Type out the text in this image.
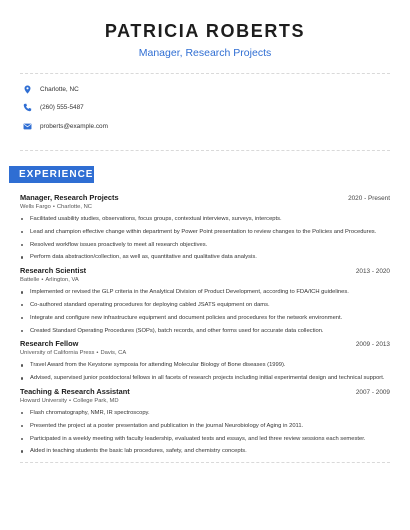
PATRICIA ROBERTS
Manager, Research Projects
Charlotte, NC
(260) 555-5487
proberts@example.com
EXPERIENCE
Manager, Research Projects	2020 - Present
Wells Fargo • Charlotte, NC
Facilitated usability studies, observations, focus groups, contextual interviews, surveys, intercepts.
Lead and champion effective change within department by Power Point presentation to review changes to the Policies and Procedures.
Resolved workflow issues proactively to meet all research objectives.
Perform data abstraction/collection, as well as, quantitative and qualitative data analysis.
Research Scientist	2013 - 2020
Battelle • Arlington, VA
Implemented or revised the GLP criteria in the Analytical Division of Product Development, according to FDA/ICH guidelines.
Co-authored standard operating procedures for deploying cabled JSATS equipment on dams.
Integrate and configure new infrastructure equipment and document policies and procedures for the network environment.
Created Standard Operating Procedures (SOPs), batch records, and other forms used for accurate data collection.
Research Fellow	2009 - 2013
University of California Press • Davis, CA
Travel Award from the Keystone symposia for attending Molecular Biology of Bone diseases (1999).
Advised, supervised junior postdoctoral fellows in all facets of research projects including initial experimental design and technical support.
Teaching & Research Assistant	2007 - 2009
Howard University • College Park, MD
Flash chromatography, NMR, IR spectroscopy.
Presented the project at a poster presentation and publication in the journal Neurobiology of Aging in 2011.
Participated in a weekly meeting with faculty leadership, evaluated tests and essays, and led three review sessions each semester.
Aided in teaching students the basic lab procedures, safety, and chemistry concepts.
